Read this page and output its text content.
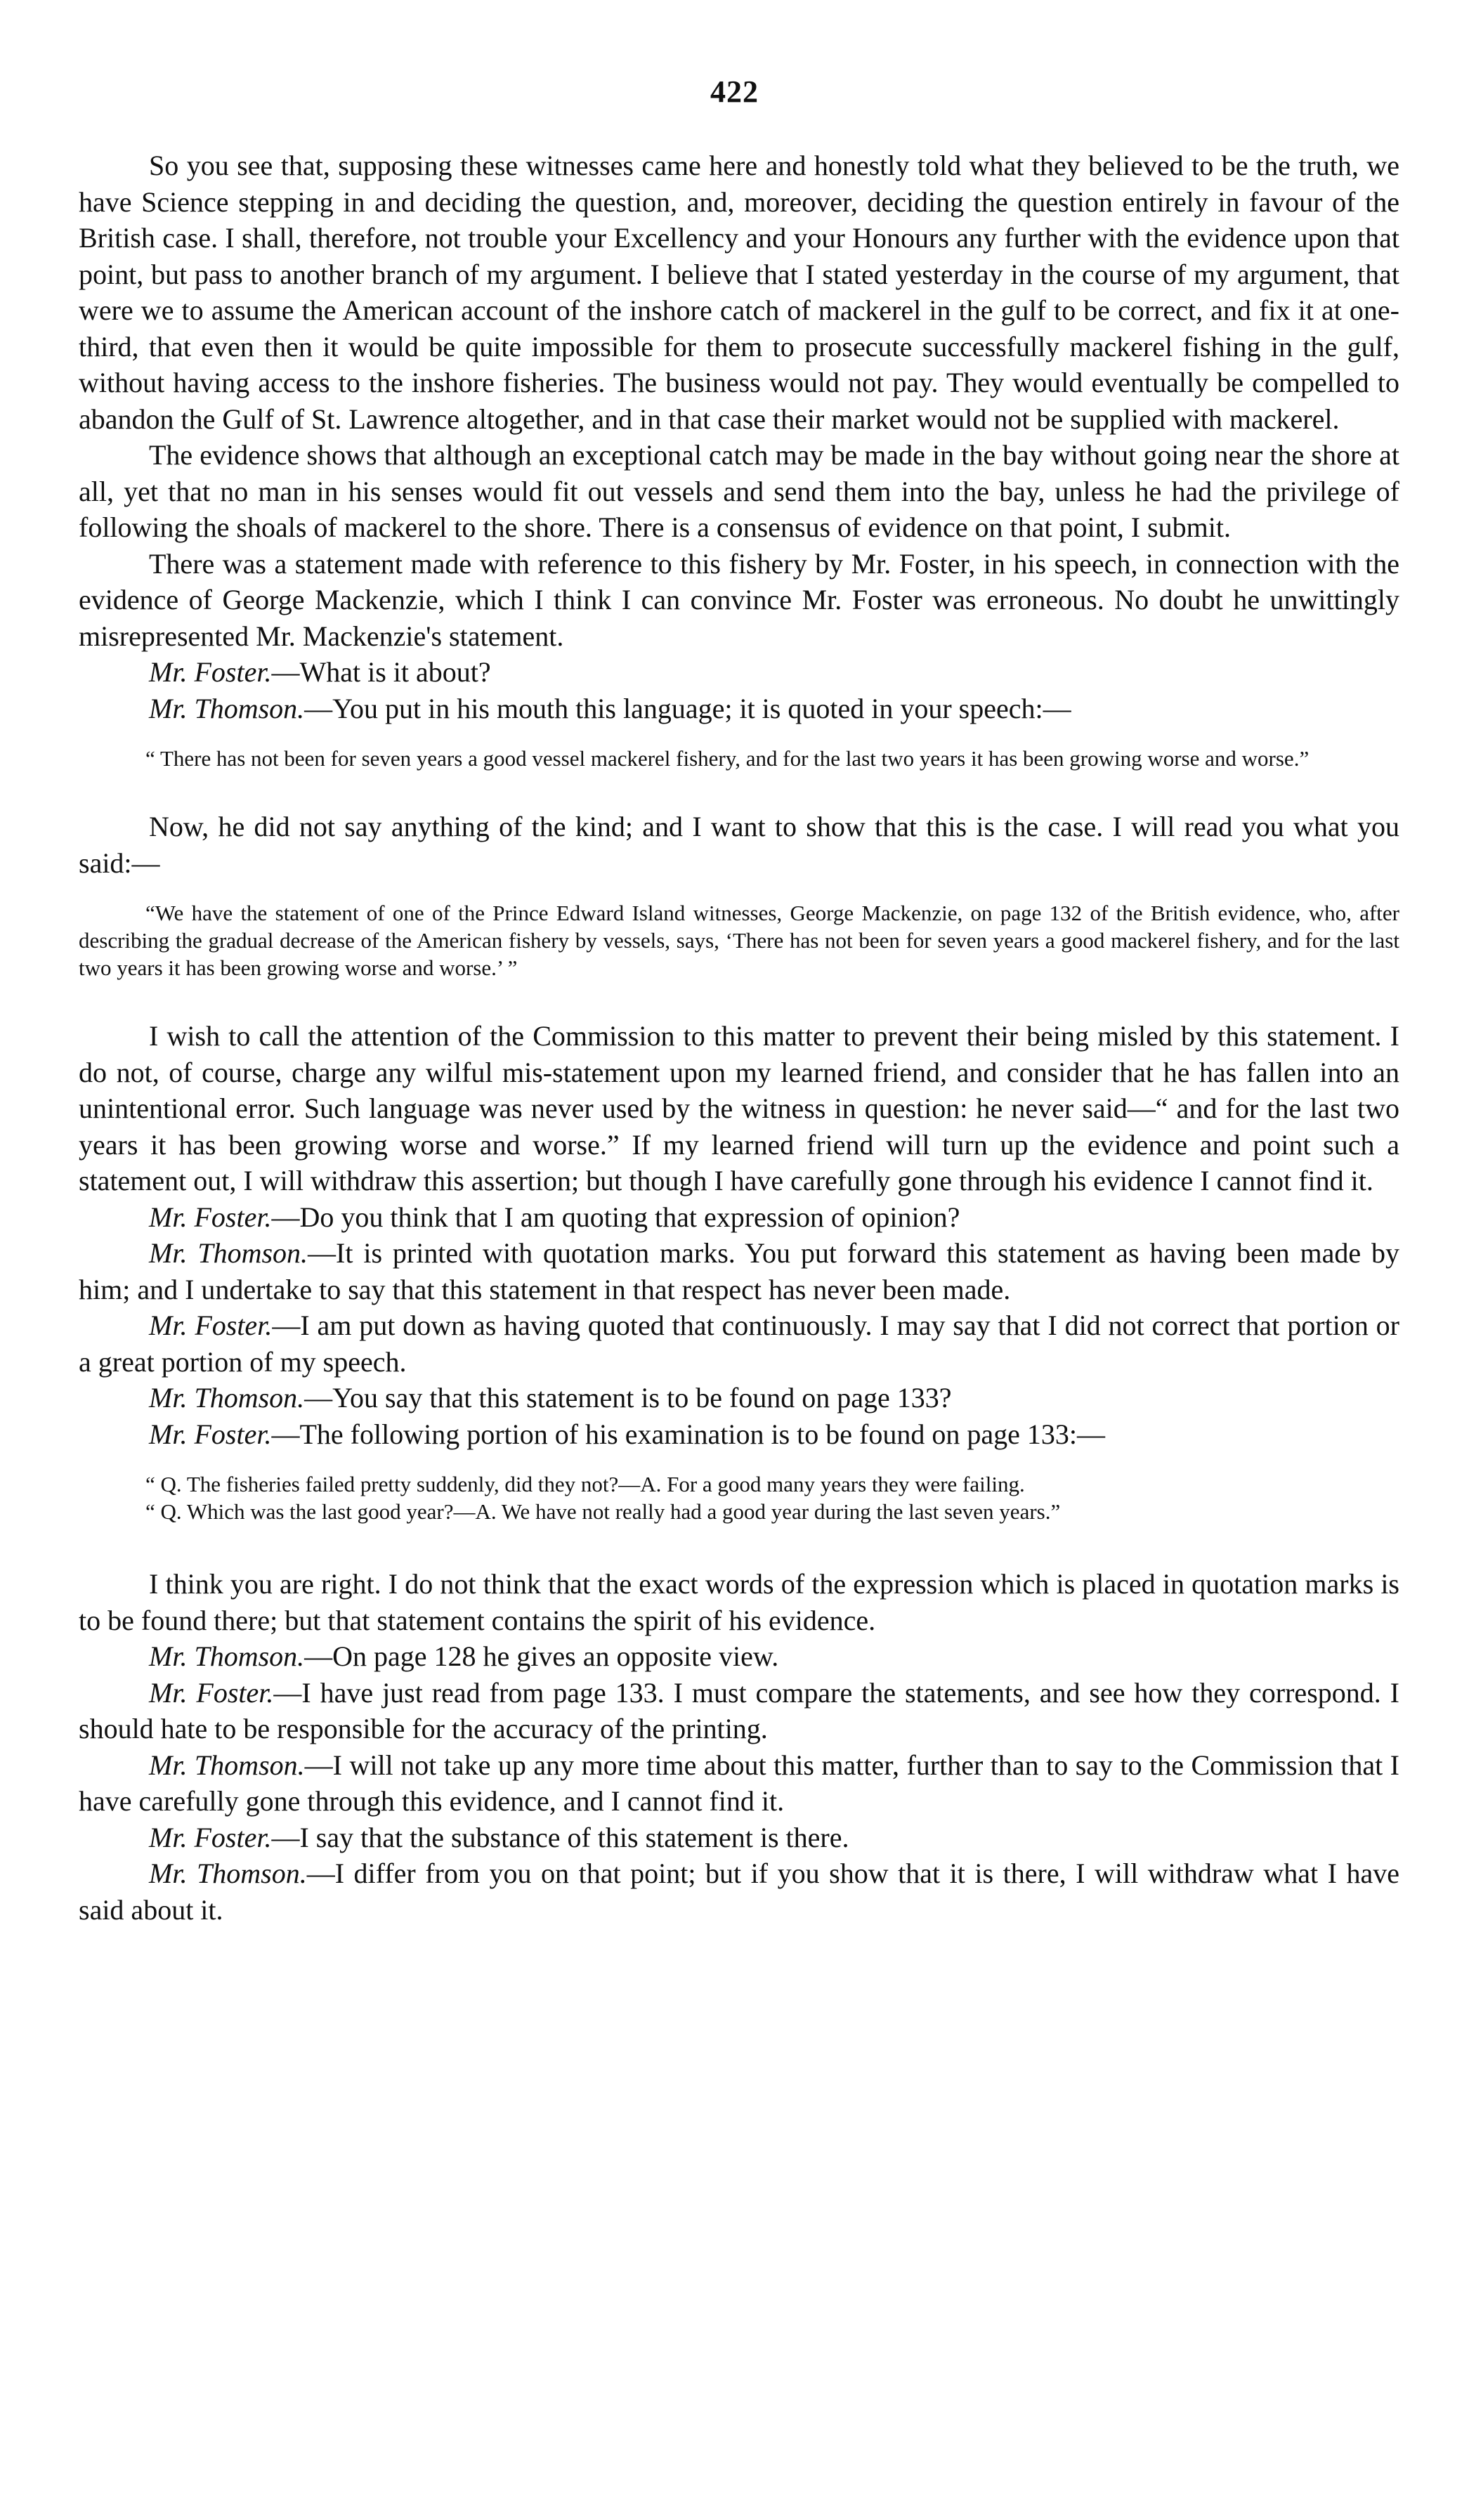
422

So you see that, supposing these witnesses came here and honestly told what they believed to be the truth, we have Science stepping in and deciding the question, and, moreover, deciding the question entirely in favour of the British case. I shall, therefore, not trouble your Excellency and your Honours any further with the evidence upon that point, but pass to another branch of my argument. I believe that I stated yesterday in the course of my argument, that were we to assume the American account of the inshore catch of mackerel in the gulf to be correct, and fix it at one-third, that even then it would be quite impossible for them to prosecute successfully mackerel fishing in the gulf, without having access to the inshore fisheries. The business would not pay. They would eventually be compelled to abandon the Gulf of St. Lawrence altogether, and in that case their market would not be supplied with mackerel.

The evidence shows that although an exceptional catch may be made in the bay without going near the shore at all, yet that no man in his senses would fit out vessels and send them into the bay, unless he had the privilege of following the shoals of mackerel to the shore. There is a consensus of evidence on that point, I submit.

There was a statement made with reference to this fishery by Mr. Foster, in his speech, in connection with the evidence of George Mackenzie, which I think I can convince Mr. Foster was erroneous. No doubt he unwittingly misrepresented Mr. Mackenzie's statement.

Mr. Foster.—What is it about?

Mr. Thomson.—You put in his mouth this language; it is quoted in your speech:—

“ There has not been for seven years a good vessel mackerel fishery, and for the last two years it has been growing worse and worse.”

Now, he did not say anything of the kind; and I want to show that this is the case. I will read you what you said:—

“We have the statement of one of the Prince Edward Island witnesses, George Mackenzie, on page 132 of the British evidence, who, after describing the gradual decrease of the American fishery by vessels, says, ‘There has not been for seven years a good mackerel fishery, and for the last two years it has been growing worse and worse.’ ”

I wish to call the attention of the Commission to this matter to prevent their being misled by this statement. I do not, of course, charge any wilful mis-statement upon my learned friend, and consider that he has fallen into an unintentional error. Such language was never used by the witness in question: he never said—“ and for the last two years it has been growing worse and worse.” If my learned friend will turn up the evidence and point such a statement out, I will withdraw this assertion; but though I have carefully gone through his evidence I cannot find it.

Mr. Foster.—Do you think that I am quoting that expression of opinion?

Mr. Thomson.—It is printed with quotation marks. You put forward this statement as having been made by him; and I undertake to say that this statement in that respect has never been made.

Mr. Foster.—I am put down as having quoted that continuously. I may say that I did not correct that portion or a great portion of my speech.

Mr. Thomson.—You say that this statement is to be found on page 133?

Mr. Foster.—The following portion of his examination is to be found on page 133:—

“ Q. The fisheries failed pretty suddenly, did they not?—A. For a good many years they were failing.

“ Q. Which was the last good year?—A. We have not really had a good year during the last seven years.”

I think you are right. I do not think that the exact words of the expression which is placed in quotation marks is to be found there; but that statement contains the spirit of his evidence.

Mr. Thomson.—On page 128 he gives an opposite view.

Mr. Foster.—I have just read from page 133. I must compare the statements, and see how they correspond. I should hate to be responsible for the accuracy of the printing.

Mr. Thomson.—I will not take up any more time about this matter, further than to say to the Commission that I have carefully gone through this evidence, and I cannot find it.

Mr. Foster.—I say that the substance of this statement is there.

Mr. Thomson.—I differ from you on that point; but if you show that it is there, I will withdraw what I have said about it.
